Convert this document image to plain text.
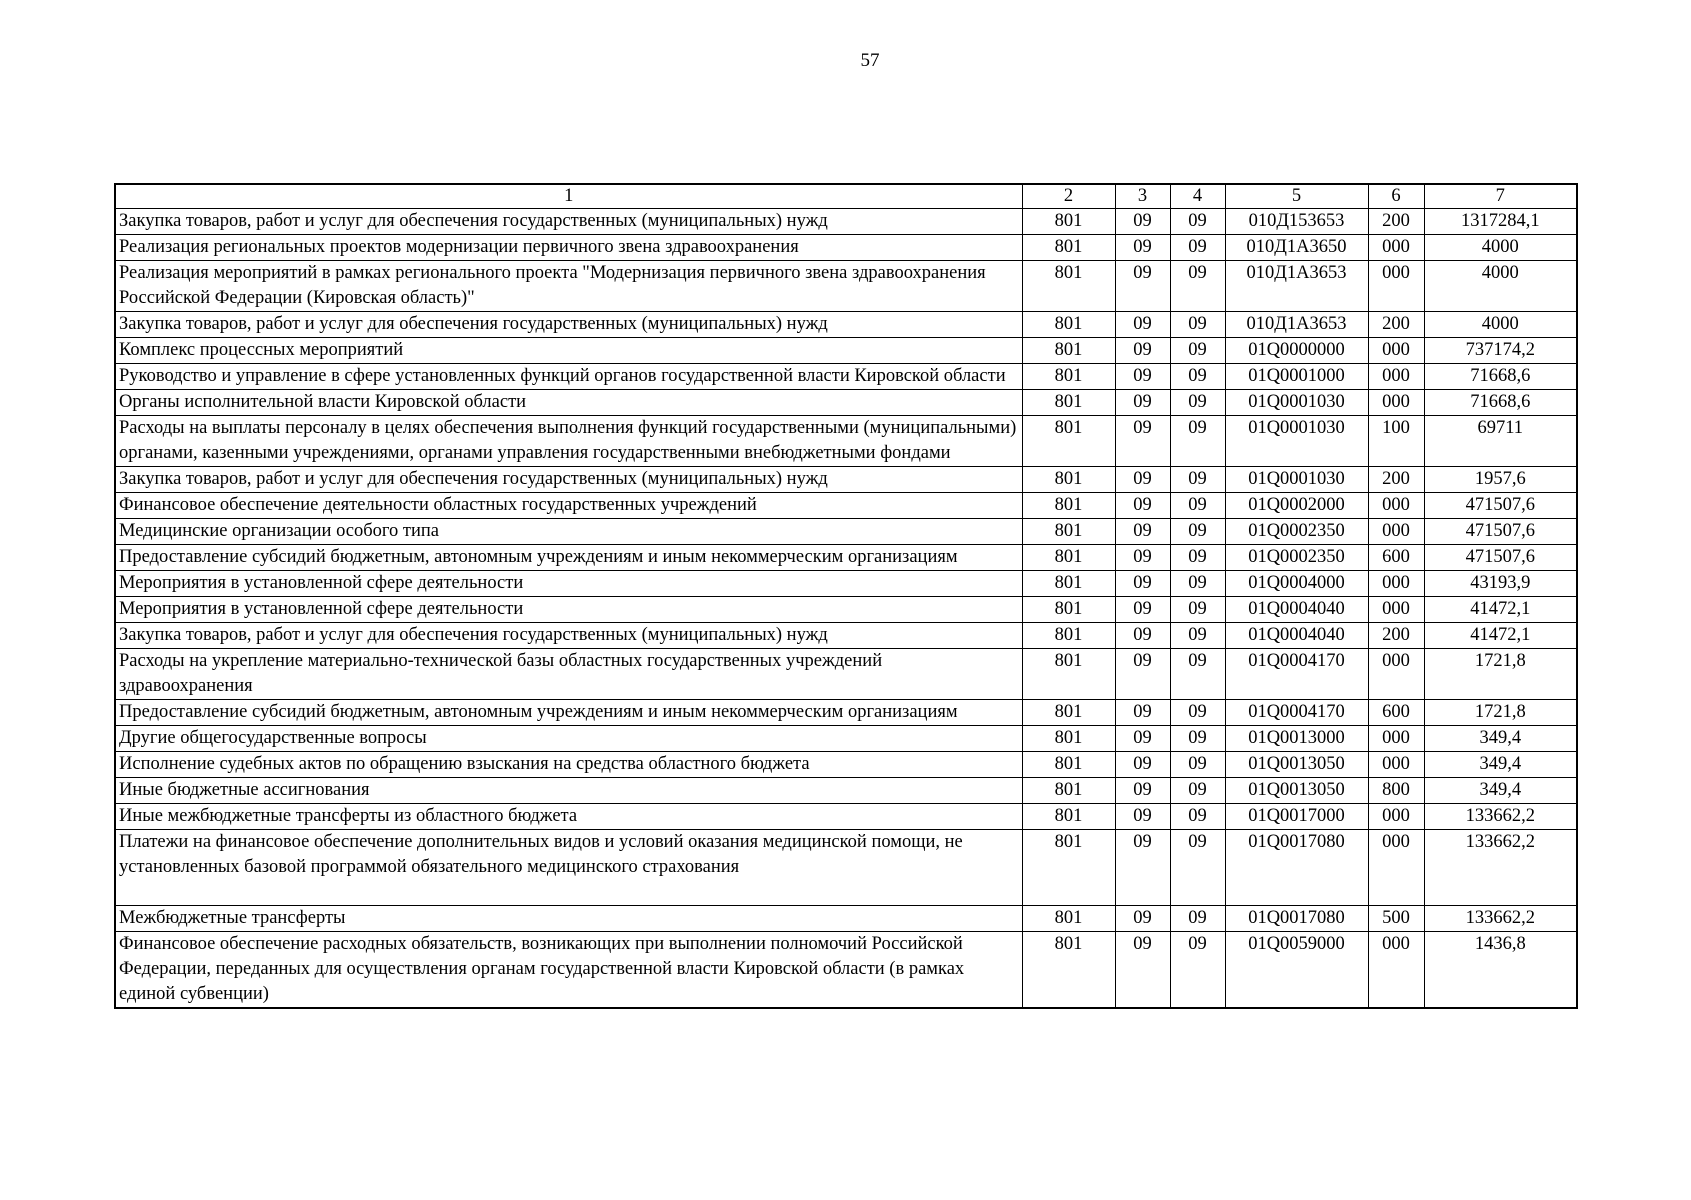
57
1	2	3	4	5	6	7
Закупка товаров, работ и услуг для обеспечения государственных (муниципальных) нужд	801	09	09	010Д153653	200	1317284,1
Реализация региональных проектов модернизации первичного звена здравоохранения	801	09	09	010Д1А3650	000	4000
Реализация мероприятий в рамках регионального проекта "Модернизация первичного звена здравоохранения Российской Федерации (Кировская область)"	801	09	09	010Д1А3653	000	4000
Закупка товаров, работ и услуг для обеспечения государственных (муниципальных) нужд	801	09	09	010Д1А3653	200	4000
Комплекс процессных мероприятий	801	09	09	01Q0000000	000	737174,2
Руководство и управление в сфере установленных функций органов государственной власти Кировской области	801	09	09	01Q0001000	000	71668,6
Органы исполнительной власти Кировской области	801	09	09	01Q0001030	000	71668,6
Расходы на выплаты персоналу в целях обеспечения выполнения функций государственными (муниципальными) органами, казенными учреждениями, органами управления государственными внебюджетными фондами	801	09	09	01Q0001030	100	69711
Закупка товаров, работ и услуг для обеспечения государственных (муниципальных) нужд	801	09	09	01Q0001030	200	1957,6
Финансовое обеспечение деятельности областных государственных учреждений	801	09	09	01Q0002000	000	471507,6
Медицинские организации особого типа	801	09	09	01Q0002350	000	471507,6
Предоставление субсидий бюджетным, автономным учреждениям и иным некоммерческим организациям	801	09	09	01Q0002350	600	471507,6
Мероприятия в установленной сфере деятельности	801	09	09	01Q0004000	000	43193,9
Мероприятия в установленной сфере деятельности	801	09	09	01Q0004040	000	41472,1
Закупка товаров, работ и услуг для обеспечения государственных (муниципальных) нужд	801	09	09	01Q0004040	200	41472,1
Расходы на укрепление материально-технической базы областных государственных учреждений здравоохранения	801	09	09	01Q0004170	000	1721,8
Предоставление субсидий бюджетным, автономным учреждениям и иным некоммерческим организациям	801	09	09	01Q0004170	600	1721,8
Другие общегосударственные вопросы	801	09	09	01Q0013000	000	349,4
Исполнение судебных актов по обращению взыскания на средства областного бюджета	801	09	09	01Q0013050	000	349,4
Иные бюджетные ассигнования	801	09	09	01Q0013050	800	349,4
Иные межбюджетные трансферты из областного бюджета	801	09	09	01Q0017000	000	133662,2
Платежи на финансовое обеспечение дополнительных видов и условий оказания медицинской помощи, не установленных базовой программой обязательного медицинского страхования	801	09	09	01Q0017080	000	133662,2
Межбюджетные трансферты	801	09	09	01Q0017080	500	133662,2
Финансовое обеспечение расходных обязательств, возникающих при выполнении полномочий Российской Федерации, переданных для осуществления органам государственной власти Кировской области (в рамках единой субвенции)	801	09	09	01Q0059000	000	1436,8
